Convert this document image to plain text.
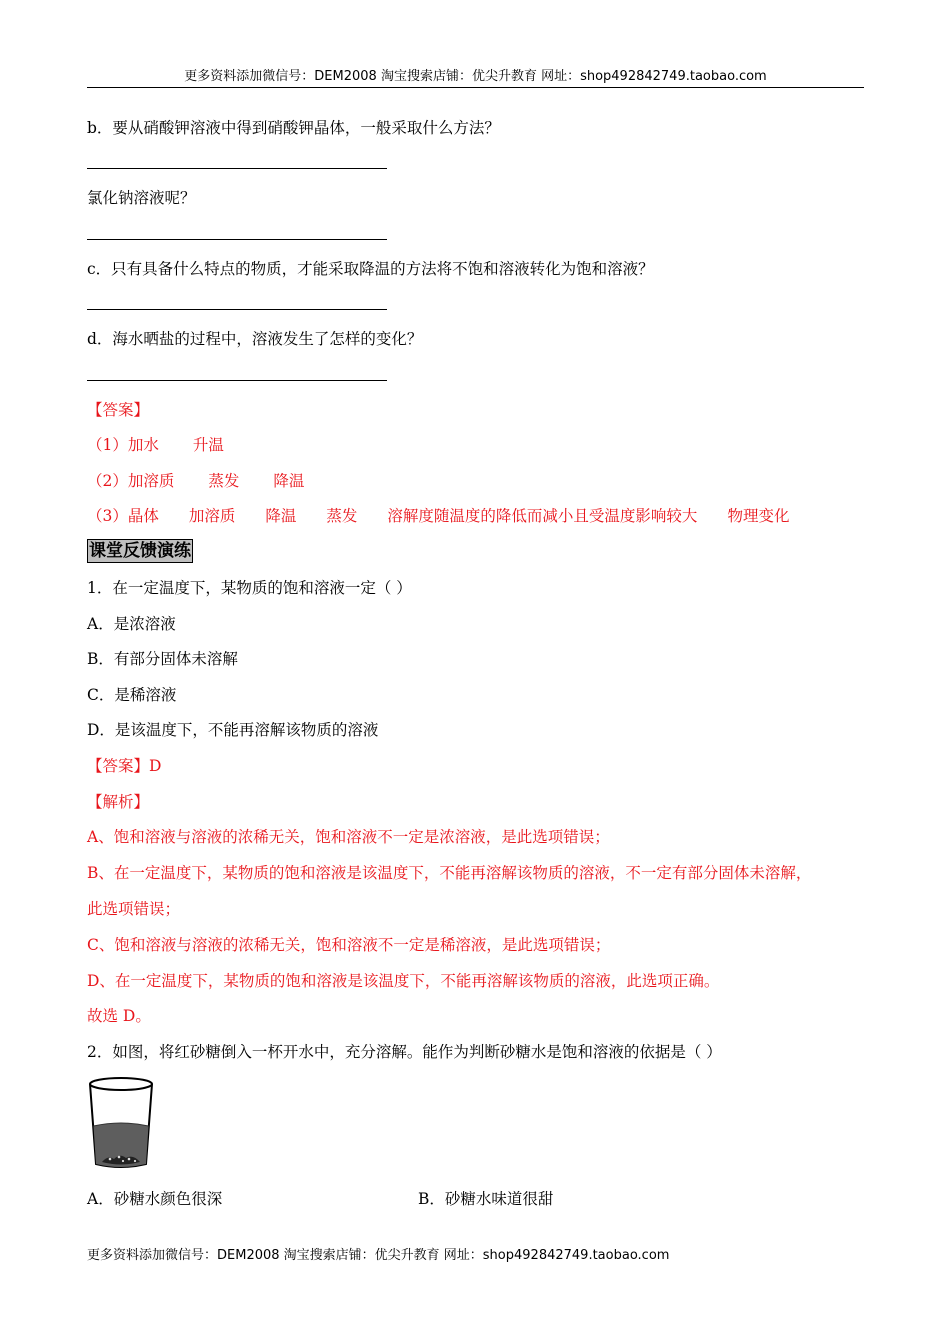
更多资料添加微信号：DEM2008 淘宝搜索店铺：优尖升教育 网址：shop492842749.taobao.com
b．要从硝酸钾溶液中得到硝酸钾晶体，一般采取什么方法？
氯化钠溶液呢？
c．只有具备什么特点的物质，才能采取降温的方法将不饱和溶液转化为饱和溶液？
d．海水晒盐的过程中，溶液发生了怎样的变化？
【答案】
（1）加水 升温
（2）加溶质 蒸发 降温
（3）晶体 加溶质 降温 蒸发 溶解度随温度的降低而减小且受温度影响较大 物理变化
课堂反馈演练
1．在一定温度下，某物质的饱和溶液一定（ ）
A．是浓溶液
B．有部分固体未溶解
C．是稀溶液
D．是该温度下，不能再溶解该物质的溶液
【答案】D
【解析】
A、饱和溶液与溶液的浓稀无关，饱和溶液不一定是浓溶液，是此选项错误；
B、在一定温度下，某物质的饱和溶液是该温度下，不能再溶解该物质的溶液，不一定有部分固体未溶解，
此选项错误；
C、饱和溶液与溶液的浓稀无关，饱和溶液不一定是稀溶液，是此选项错误；
D、在一定温度下，某物质的饱和溶液是该温度下，不能再溶解该物质的溶液，此选项正确。
故选 D。
2．如图，将红砂糖倒入一杯开水中，充分溶解。能作为判断砂糖水是饱和溶液的依据是（ ）
A．砂糖水颜色很深	B．砂糖水味道很甜
更多资料添加微信号：DEM2008 淘宝搜索店铺：优尖升教育 网址：shop492842749.taobao.com
